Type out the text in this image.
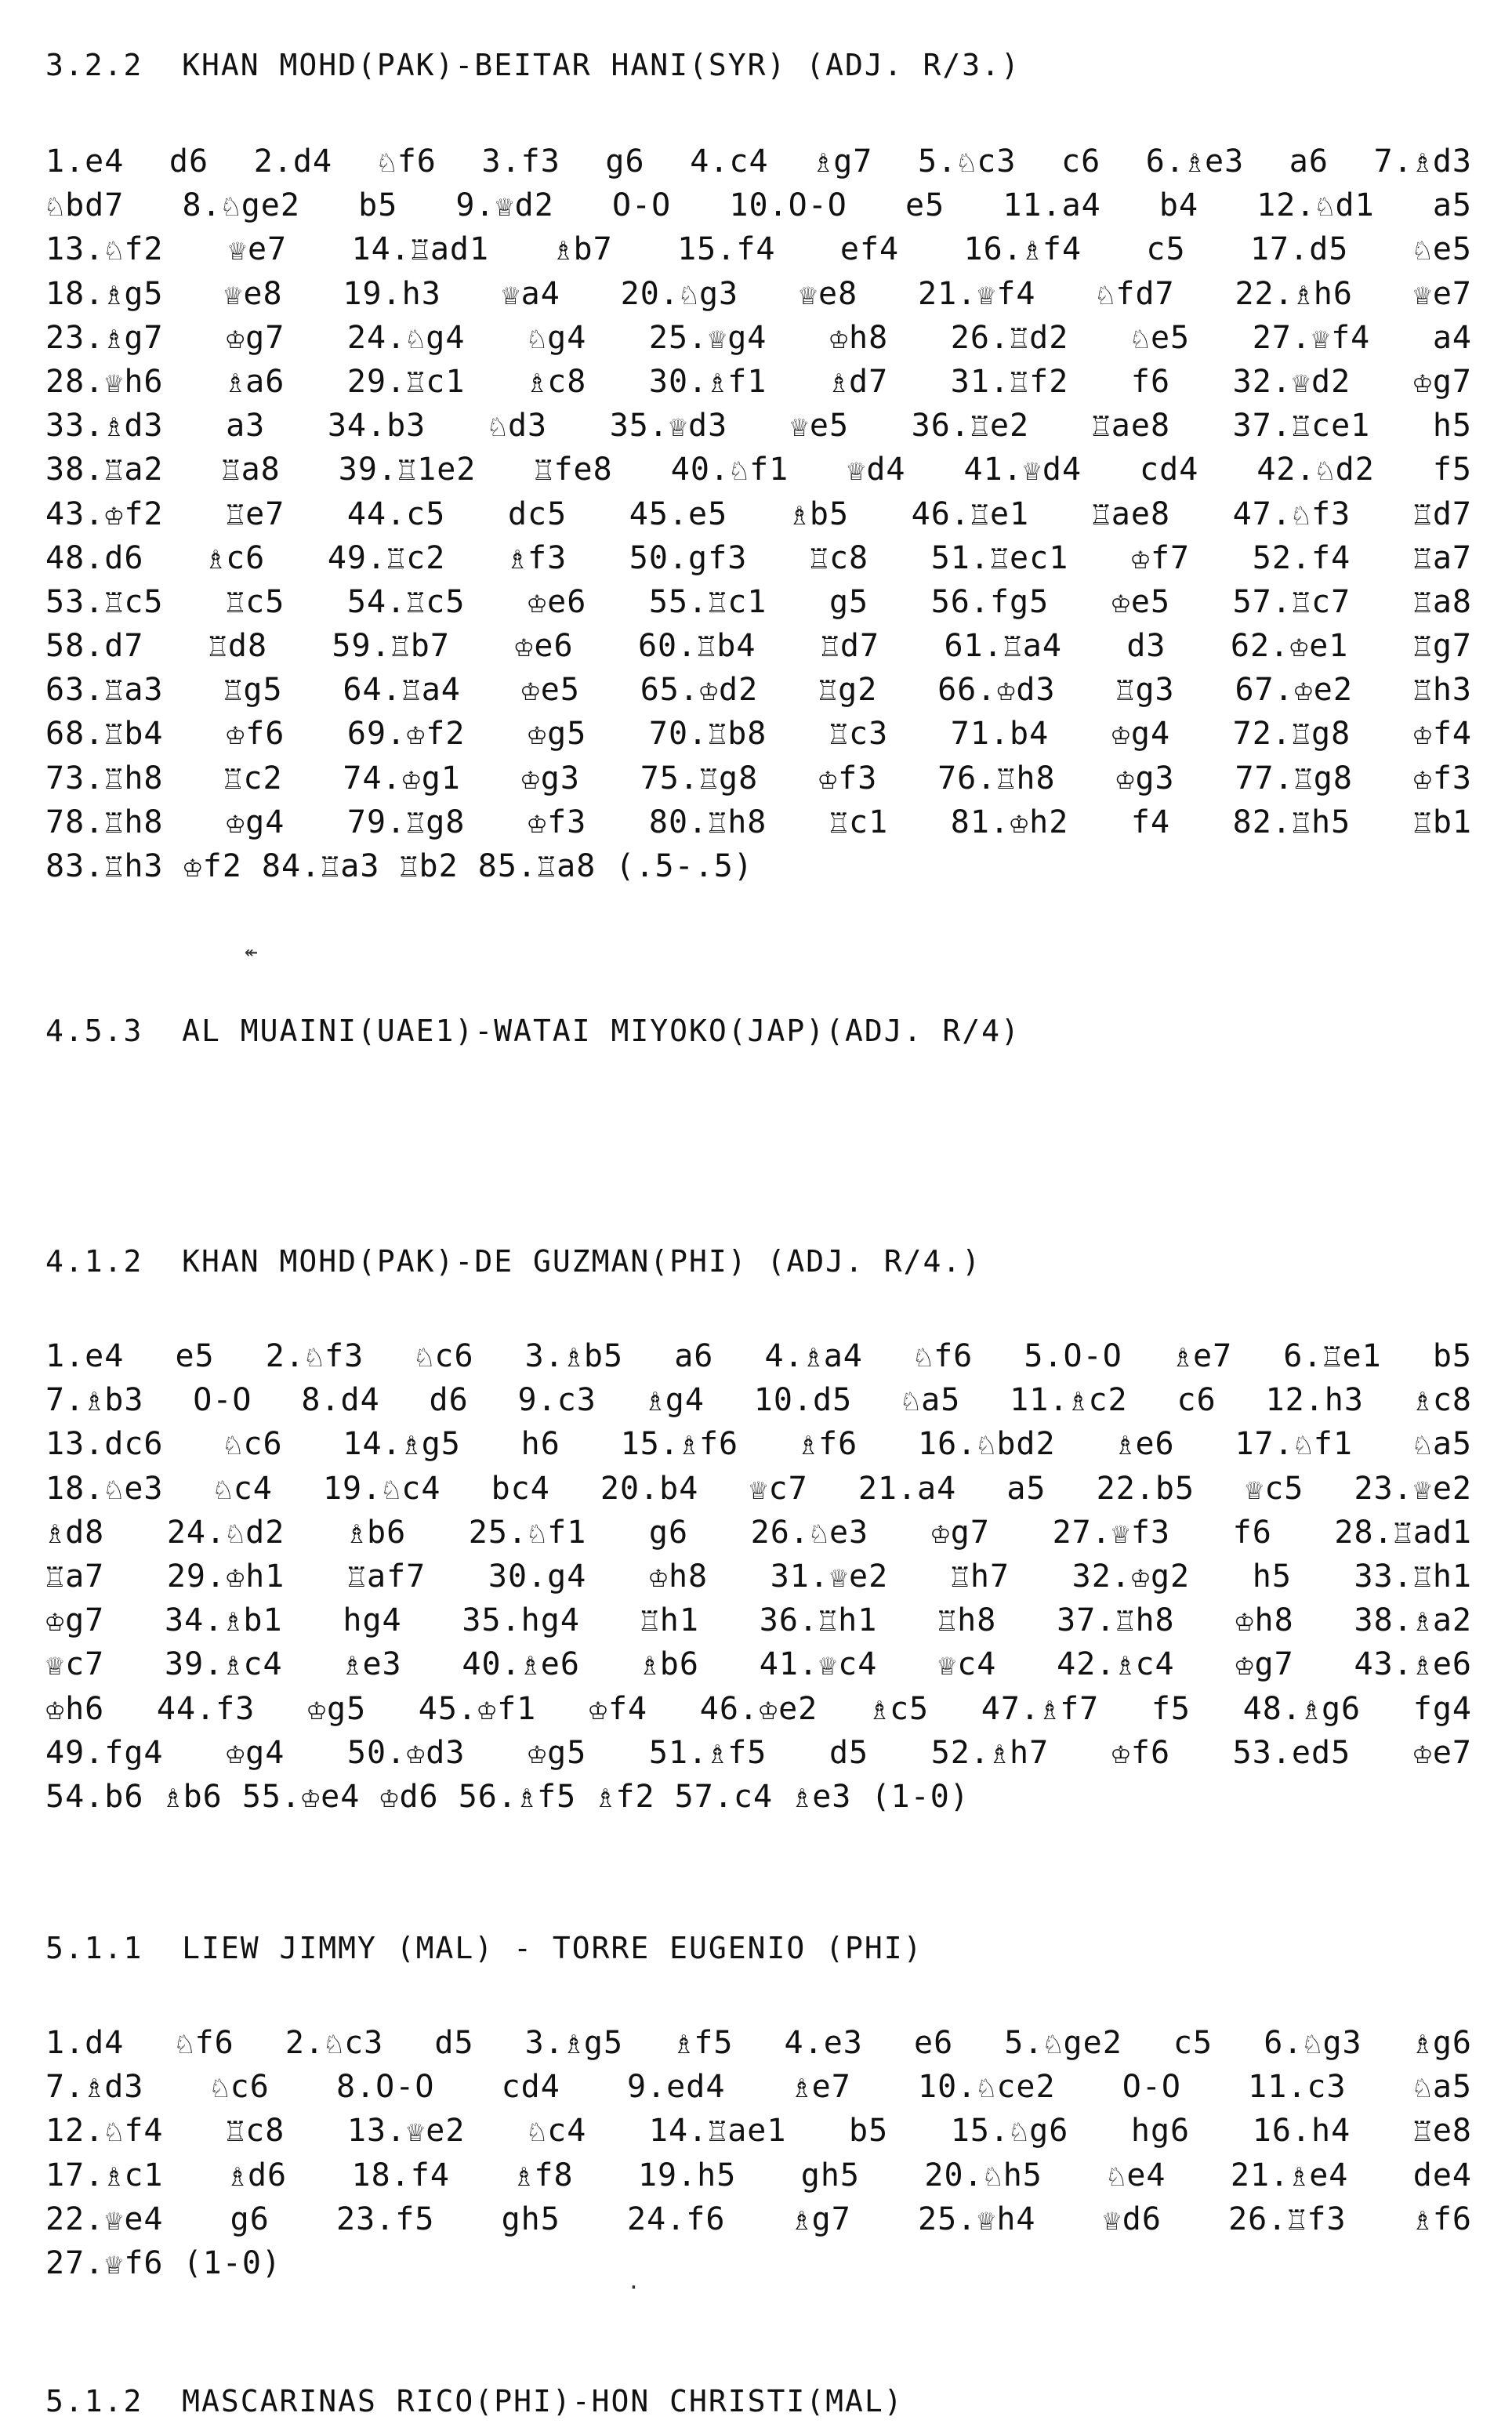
3.2.2  KHAN MOHD(PAK)-BEITAR HANI(SYR) (ADJ. R/3.)
1.e4 d6 2.d4 ♘f6 3.f3 g6 4.c4 ♗g7 5.♘c3 c6 6.♗e3 a6 7.♗d3
♘bd7 8.♘ge2 b5 9.♕d2 O-O 10.O-O e5 11.a4 b4 12.♘d1 a5
13.♘f2 ♕e7 14.♖ad1 ♗b7 15.f4 ef4 16.♗f4 c5 17.d5 ♘e5
18.♗g5 ♕e8 19.h3 ♕a4 20.♘g3 ♕e8 21.♕f4 ♘fd7 22.♗h6 ♕e7
23.♗g7 ♔g7 24.♘g4 ♘g4 25.♕g4 ♔h8 26.♖d2 ♘e5 27.♕f4 a4
28.♕h6 ♗a6 29.♖c1 ♗c8 30.♗f1 ♗d7 31.♖f2 f6 32.♕d2 ♔g7
33.♗d3 a3 34.b3 ♘d3 35.♕d3 ♕e5 36.♖e2 ♖ae8 37.♖ce1 h5
38.♖a2 ♖a8 39.♖1e2 ♖fe8 40.♘f1 ♕d4 41.♕d4 cd4 42.♘d2 f5
43.♔f2 ♖e7 44.c5 dc5 45.e5 ♗b5 46.♖e1 ♖ae8 47.♘f3 ♖d7
48.d6 ♗c6 49.♖c2 ♗f3 50.gf3 ♖c8 51.♖ec1 ♔f7 52.f4 ♖a7
53.♖c5 ♖c5 54.♖c5 ♔e6 55.♖c1 g5 56.fg5 ♔e5 57.♖c7 ♖a8
58.d7 ♖d8 59.♖b7 ♔e6 60.♖b4 ♖d7 61.♖a4 d3 62.♔e1 ♖g7
63.♖a3 ♖g5 64.♖a4 ♔e5 65.♔d2 ♖g2 66.♔d3 ♖g3 67.♔e2 ♖h3
68.♖b4 ♔f6 69.♔f2 ♔g5 70.♖b8 ♖c3 71.b4 ♔g4 72.♖g8 ♔f4
73.♖h8 ♖c2 74.♔g1 ♔g3 75.♖g8 ♔f3 76.♖h8 ♔g3 77.♖g8 ♔f3
78.♖h8 ♔g4 79.♖g8 ♔f3 80.♖h8 ♖c1 81.♔h2 f4 82.♖h5 ♖b1
83.♖h3 ♔f2 84.♖a3 ♖b2 85.♖a8 (.5-.5)
↞
4.5.3  AL MUAINI(UAE1)-WATAI MIYOKO(JAP)(ADJ. R/4)
4.1.2  KHAN MOHD(PAK)-DE GUZMAN(PHI) (ADJ. R/4.)
1.e4 e5 2.♘f3 ♘c6 3.♗b5 a6 4.♗a4 ♘f6 5.O-O ♗e7 6.♖e1 b5
7.♗b3 O-O 8.d4 d6 9.c3 ♗g4 10.d5 ♘a5 11.♗c2 c6 12.h3 ♗c8
13.dc6 ♘c6 14.♗g5 h6 15.♗f6 ♗f6 16.♘bd2 ♗e6 17.♘f1 ♘a5
18.♘e3 ♘c4 19.♘c4 bc4 20.b4 ♕c7 21.a4 a5 22.b5 ♕c5 23.♕e2
♗d8 24.♘d2 ♗b6 25.♘f1 g6 26.♘e3 ♔g7 27.♕f3 f6 28.♖ad1
♖a7 29.♔h1 ♖af7 30.g4 ♔h8 31.♕e2 ♖h7 32.♔g2 h5 33.♖h1
♔g7 34.♗b1 hg4 35.hg4 ♖h1 36.♖h1 ♖h8 37.♖h8 ♔h8 38.♗a2
♕c7 39.♗c4 ♗e3 40.♗e6 ♗b6 41.♕c4 ♕c4 42.♗c4 ♔g7 43.♗e6
♔h6 44.f3 ♔g5 45.♔f1 ♔f4 46.♔e2 ♗c5 47.♗f7 f5 48.♗g6 fg4
49.fg4 ♔g4 50.♔d3 ♔g5 51.♗f5 d5 52.♗h7 ♔f6 53.ed5 ♔e7
54.b6 ♗b6 55.♔e4 ♔d6 56.♗f5 ♗f2 57.c4 ♗e3 (1-0)
5.1.1  LIEW JIMMY (MAL) - TORRE EUGENIO (PHI)
1.d4 ♘f6 2.♘c3 d5 3.♗g5 ♗f5 4.e3 e6 5.♘ge2 c5 6.♘g3 ♗g6
7.♗d3 ♘c6 8.O-O cd4 9.ed4 ♗e7 10.♘ce2 O-O 11.c3 ♘a5
12.♘f4 ♖c8 13.♕e2 ♘c4 14.♖ae1 b5 15.♘g6 hg6 16.h4 ♖e8
17.♗c1 ♗d6 18.f4 ♗f8 19.h5 gh5 20.♘h5 ♘e4 21.♗e4 de4
22.♕e4 g6 23.f5 gh5 24.f6 ♗g7 25.♕h4 ♕d6 26.♖f3 ♗f6
27.♕f6 (1-0)
·
5.1.2  MASCARINAS RICO(PHI)-HON CHRISTI(MAL)
